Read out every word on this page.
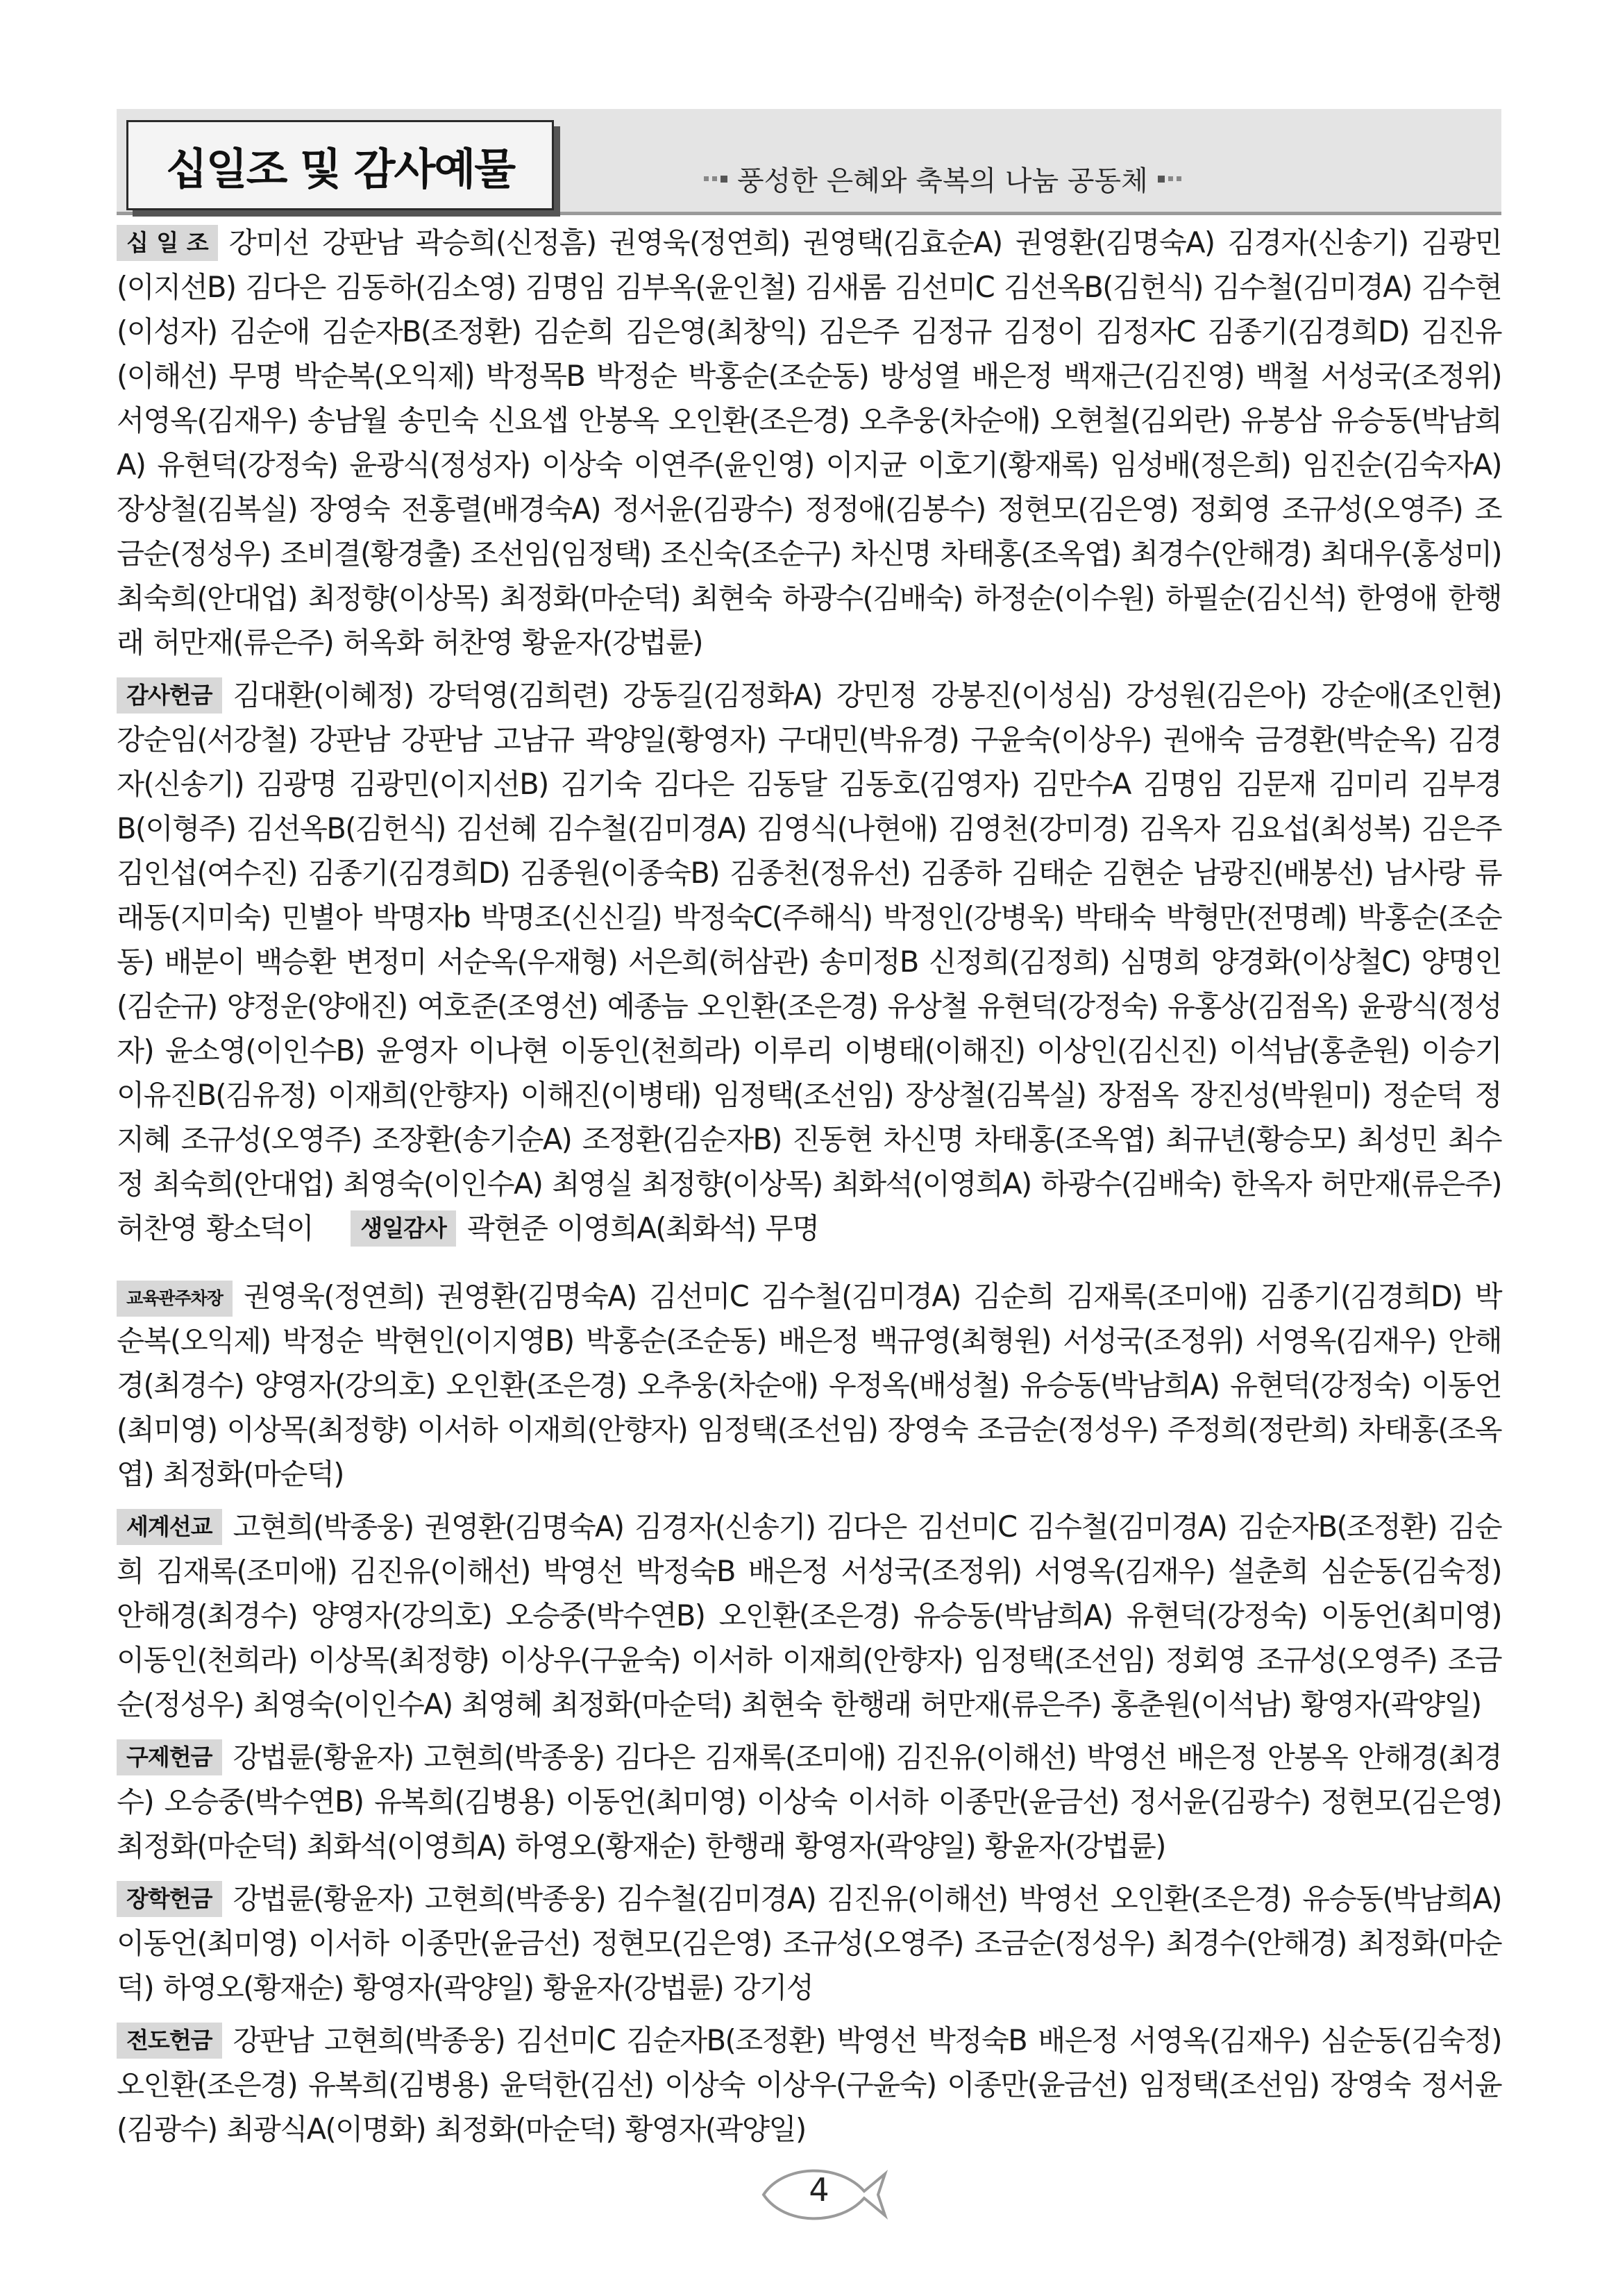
십일조 및 감사예물	풍성한 은혜와 축복의 나눔 공동체

십 일 조 강미선 강판남 곽승희(신정흠) 권영욱(정연희) 권영택(김효순A) 권영환(김명숙A) 김경자(신송기) 김광민(이지선B) 김다은 김동하(김소영) 김명임 김부옥(윤인철) 김새롬 김선미C 김선옥B(김헌식) 김수철(김미경A) 김수현(이성자) 김순애 김순자B(조정환) 김순희 김은영(최창익) 김은주 김정규 김정이 김정자C 김종기(김경희D) 김진유(이해선) 무명 박순복(오익제) 박정목B 박정순 박홍순(조순동) 방성열 배은정 백재근(김진영) 백철 서성국(조정위) 서영옥(김재우) 송남월 송민숙 신요셉 안봉옥 오인환(조은경) 오추웅(차순애) 오현철(김외란) 유봉삼 유승동(박남희A) 유현덕(강정숙) 윤광식(정성자) 이상숙 이연주(윤인영) 이지균 이호기(황재록) 임성배(정은희) 임진순(김숙자A) 장상철(김복실) 장영숙 전홍렬(배경숙A) 정서윤(김광수) 정정애(김봉수) 정현모(김은영) 정회영 조규성(오영주) 조금순(정성우) 조비결(황경출) 조선임(임정택) 조신숙(조순구) 차신명 차태홍(조옥엽) 최경수(안해경) 최대우(홍성미) 최숙희(안대업) 최정향(이상목) 최정화(마순덕) 최현숙 하광수(김배숙) 하정순(이수원) 하필순(김신석) 한영애 한행래 허만재(류은주) 허옥화 허찬영 황윤자(강법륜)

감사헌금 김대환(이혜정) 강덕영(김희련) 강동길(김정화A) 강민정 강봉진(이성심) 강성원(김은아) 강순애(조인현) 강순임(서강철) 강판남 강판남 고남규 곽양일(황영자) 구대민(박유경) 구윤숙(이상우) 권애숙 금경환(박순옥) 김경자(신송기) 김광명 김광민(이지선B) 김기숙 김다은 김동달 김동호(김영자) 김만수A 김명임 김문재 김미리 김부경B(이형주) 김선옥B(김헌식) 김선혜 김수철(김미경A) 김영식(나현애) 김영천(강미경) 김옥자 김요섭(최성복) 김은주 김인섭(여수진) 김종기(김경희D) 김종원(이종숙B) 김종천(정유선) 김종하 김태순 김현순 남광진(배봉선) 남사랑 류래동(지미숙) 민별아 박명자b 박명조(신신길) 박정숙C(주해식) 박정인(강병욱) 박태숙 박형만(전명례) 박홍순(조순동) 배분이 백승환 변정미 서순옥(우재형) 서은희(허삼관) 송미정B 신정희(김정희) 심명희 양경화(이상철C) 양명인(김순규) 양정운(양애진) 여호준(조영선) 예종늠 오인환(조은경) 유상철 유현덕(강정숙) 유홍상(김점옥) 윤광식(정성자) 윤소영(이인수B) 윤영자 이나현 이동인(천희라) 이루리 이병태(이해진) 이상인(김신진) 이석남(홍춘원) 이승기 이유진B(김유정) 이재희(안향자) 이해진(이병태) 임정택(조선임) 장상철(김복실) 장점옥 장진성(박원미) 정순덕 정지혜 조규성(오영주) 조장환(송기순A) 조정환(김순자B) 진동현 차신명 차태홍(조옥엽) 최규년(황승모) 최성민 최수정 최숙희(안대업) 최영숙(이인수A) 최영실 최정향(이상목) 최화석(이영희A) 하광수(김배숙) 한옥자 허만재(류은주) 허찬영 황소덕이 생일감사 곽현준 이영희A(최화석) 무명

교육관주차장 권영욱(정연희) 권영환(김명숙A) 김선미C 김수철(김미경A) 김순희 김재록(조미애) 김종기(김경희D) 박순복(오익제) 박정순 박현인(이지영B) 박홍순(조순동) 배은정 백규영(최형원) 서성국(조정위) 서영옥(김재우) 안해경(최경수) 양영자(강의호) 오인환(조은경) 오추웅(차순애) 우정옥(배성철) 유승동(박남희A) 유현덕(강정숙) 이동언(최미영) 이상목(최정향) 이서하 이재희(안향자) 임정택(조선임) 장영숙 조금순(정성우) 주정희(정란희) 차태홍(조옥엽) 최정화(마순덕)

세계선교 고현희(박종웅) 권영환(김명숙A) 김경자(신송기) 김다은 김선미C 김수철(김미경A) 김순자B(조정환) 김순희 김재록(조미애) 김진유(이해선) 박영선 박정숙B 배은정 서성국(조정위) 서영옥(김재우) 설춘희 심순동(김숙정) 안해경(최경수) 양영자(강의호) 오승중(박수연B) 오인환(조은경) 유승동(박남희A) 유현덕(강정숙) 이동언(최미영) 이동인(천희라) 이상목(최정향) 이상우(구윤숙) 이서하 이재희(안향자) 임정택(조선임) 정회영 조규성(오영주) 조금순(정성우) 최영숙(이인수A) 최영혜 최정화(마순덕) 최현숙 한행래 허만재(류은주) 홍춘원(이석남) 황영자(곽양일)

구제헌금 강법륜(황윤자) 고현희(박종웅) 김다은 김재록(조미애) 김진유(이해선) 박영선 배은정 안봉옥 안해경(최경수) 오승중(박수연B) 유복희(김병용) 이동언(최미영) 이상숙 이서하 이종만(윤금선) 정서윤(김광수) 정현모(김은영) 최정화(마순덕) 최화석(이영희A) 하영오(황재순) 한행래 황영자(곽양일) 황윤자(강법륜)

장학헌금 강법륜(황윤자) 고현희(박종웅) 김수철(김미경A) 김진유(이해선) 박영선 오인환(조은경) 유승동(박남희A) 이동언(최미영) 이서하 이종만(윤금선) 정현모(김은영) 조규성(오영주) 조금순(정성우) 최경수(안해경) 최정화(마순덕) 하영오(황재순) 황영자(곽양일) 황윤자(강법륜) 강기성

전도헌금 강판남 고현희(박종웅) 김선미C 김순자B(조정환) 박영선 박정숙B 배은정 서영옥(김재우) 심순동(김숙정) 오인환(조은경) 유복희(김병용) 윤덕한(김선) 이상숙 이상우(구윤숙) 이종만(윤금선) 임정택(조선임) 장영숙 정서윤(김광수) 최광식A(이명화) 최정화(마순덕) 황영자(곽양일)

4
